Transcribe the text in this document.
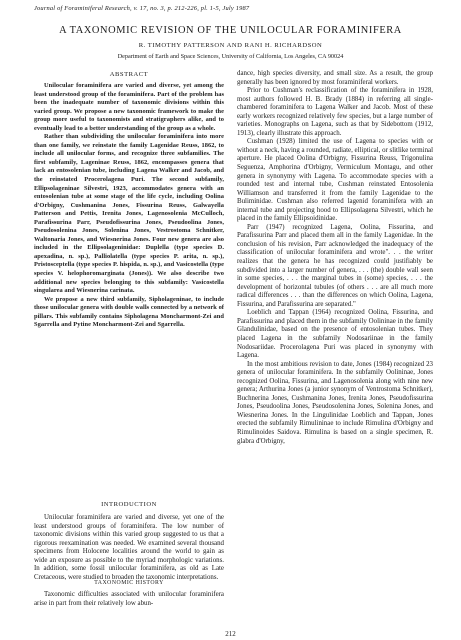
Journal of Foraminiferal Research, v. 17, no. 3, p. 212-226, pl. 1-5, July 1987
A TAXONOMIC REVISION OF THE UNILOCULAR FORAMINIFERA
R. TIMOTHY PATTERSON AND RANI H. RICHARDSON
Department of Earth and Space Sciences, University of California, Los Angeles, CA 90024
ABSTRACT

Unilocular foraminifera are varied and diverse, yet among the least understood group of the foraminifera. Part of the problem has been the inadequate number of taxonomic divisions within this varied group. We propose a new taxonomic framework to make the group more useful to taxonomists and stratigraphers alike, and to eventually lead to a better understanding of the group as a whole.

Rather than subdividing the unilocular foraminifera into more than one family, we reinstate the family Lagenidae Reuss, 1862, to include all unilocular forms, and recognize three subfamilies. The first subfamily, Lageninae Reuss, 1862, encompasses genera that lack an entosolenian tube, including Lagena Walker and Jacob, and the reinstated Procerolagena Puri. The second subfamily, Ellipsolageninae Silvestri, 1923, accommodates genera with an entosolenian tube at some stage of the life cycle, including Oolina d'Orbigny, Cushmanina Jones, Fissurina Reuss, Galwayella Patterson and Pettis, Irenita Jones, Lagenosolenia McCulloch, Parafissurina Parr, Pseudofissurina Jones, Pseudoolina Jones, Pseudosolenina Jones, Solenina Jones, Vestrostoma Schnitker, Waltonaria Jones, and Wiesnerina Jones. Four new genera are also included in the Ellipsolageninidae: Duplella (type species D. apexadina, n. sp.), Palliolatella (type species P. arita, n. sp.), Pristosceptella (type species P. hispida, n. sp.), and Vasicostella (type species V. helophoromarginata (Jones)). We also describe two additional new species belonging to this subfamily: Vasicostella singularea and Wiesnerina carinata.

We propose a new third subfamily, Sipholageninae, to include those unilocular genera with double walls connected by a network of pillars. This subfamily contains Sipholagena Moncharmont-Zei and Sgarrella and Pytine Moncharmont-Zei and Sgarrella.

INTRODUCTION

Unilocular foraminifera are varied and diverse, yet one of the least understood groups of foraminifera. The low number of taxonomic divisions within this varied group suggested to us that a rigorous reexamination was needed. We examined several thousand specimens from Holocene localities around the world to gain as wide an exposure as possible to the myriad morphologic variations. In addition, some fossil unilocular foraminifera, as old as Late Cretaceous, were studied to broaden the taxonomic interpretations.

TAXONOMIC HISTORY

Taxonomic difficulties associated with unilocular foraminifera arise in part from their relatively low abun-

dance, high species diversity, and small size. As a result, the group generally has been ignored by most foraminiferal workers.

Prior to Cushman's reclassification of the foraminifera in 1928, most authors followed H. B. Brady (1884) in referring all single-chambered foraminifera to Lagena Walker and Jacob. Most of these early workers recognized relatively few species, but a large number of varieties. Monographs on Lagena, such as that by Sidebottom (1912, 1913), clearly illustrate this approach.

Cushman (1928) limited the use of Lagena to species with or without a neck, having a rounded, radiate, elliptical, or slitlike terminal aperture. He placed Oolina d'Orbigny, Fissurina Reuss, Trigonulina Seguenza, Amphorina d'Orbigny, Vermiculum Montagu, and other genera in synonymy with Lagena. To accommodate species with a rounded test and internal tube, Cushman reinstated Entosolenia Williamson and transferred it from the family Lagenidae to the Buliminidae. Cushman also referred lagenid foraminifera with an internal tube and projecting hood to Ellipsolagena Silvestri, which he placed in the family Ellipsoidinidae.

Parr (1947) recognized Lagena, Oolina, Fissurina, and Parafissurina Parr and placed them all in the family Lagenidae. In the conclusion of his revision, Parr acknowledged the inadequacy of the classification of unilocular foraminifera and wrote". . . the writer realizes that the genera he has recognized could justifiably be subdivided into a larger number of genera, . . . (the) double wall seen in some species, . . . the marginal tubes in (some) species, . . . the development of horizontal tubules (of others . . . are all much more radical differences . . . than the differences on which Oolina, Lagena, Fissurina, and Parafissurina are separated."

Loeblich and Tappan (1964) recognized Oolina, Fissurina, and Parafissurina and placed them in the subfamily Oolininae in the family Glandulinidae, based on the presence of entosolenian tubes. They placed Lagena in the subfamily Nodosariinae in the family Nodosariidae. Procerolagena Puri was placed in synonymy with Lagena.

In the most ambitious revision to date, Jones (1984) recognized 23 genera of unilocular foraminifera. In the subfamily Oolininae, Jones recognized Oolina, Fissurina, and Lagenosolenia along with nine new genera; Arthurina Jones (a junior synonym of Ventrostoma Schnitker), Buchnerina Jones, Cushmanina Jones, Irenita Jones, Pseudofissurina Jones, Pseudoolina Jones, Pseudosolenina Jones, Solenina Jones, and Wiesnerina Jones. In the Lingulinidae Loeblich and Tappan, Jones erected the subfamily Rimulininae to include Rimulina d'Orbigny and Rimulinoides Saidova. Rimulina is based on a single specimen, R. glabra d'Orbigny,

212
